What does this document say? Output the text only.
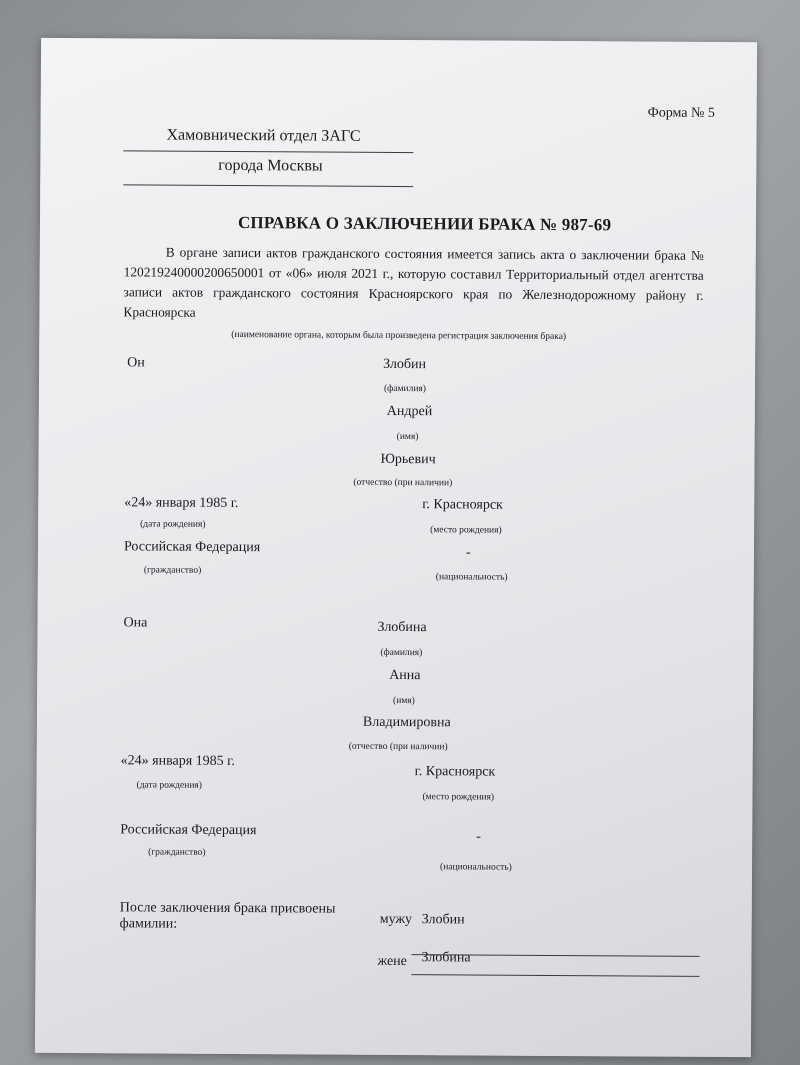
Форма № 5
Хамовнический отдел ЗАГС
города Москвы
СПРАВКА О ЗАКЛЮЧЕНИИ БРАКА № 987-69
В органе записи актов гражданского состояния имеется запись акта о заключении брака № 120219240000200650001 от «06» июля 2021 г., которую составил Территориальный отдел агентства записи актов гражданского состояния Красноярского края по Железнодорожному району г. Красноярска
(наименование органа, которым была произведена регистрация заключения брака)
Он	Злобин
(фамилия)
Андрей
(имя)
Юрьевич
(отчество (при наличии)
«24» января 1985 г.	г. Красноярск
(дата рождения)
(место рождения)
Российская Федерация	-
(гражданство)
(национальность)
Она	Злобина
(фамилия)
Анна
(имя)
Владимировна
(отчество (при наличии)
«24» января 1985 г.
г. Красноярск
(дата рождения)
(место рождения)
Российская Федерация	-
(гражданство)
(национальность)
После заключения брака присвоены
фамилии:	мужу Злобин
жене Злобина
